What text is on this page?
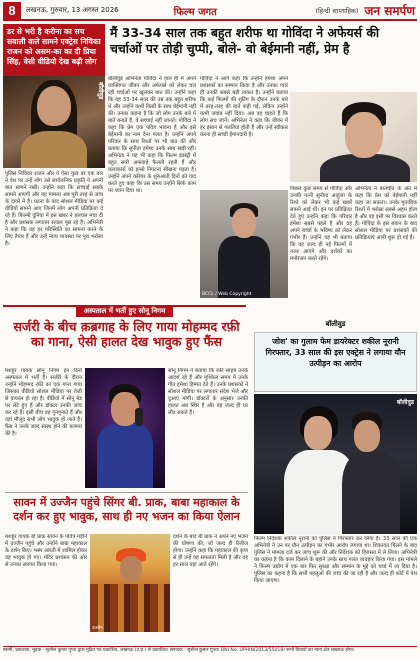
8	लखनऊ, गुरुवार, 13 अगस्त 2026	फिल्म जगत	(हिन्दी साप्ताहिक) जन समर्पण
डर से भरी है करीना का सच सवाली वाले सामने एक्ट्रेस निविका राजन को असम-का का दी प्रिया सिंह, वेसी वीडियो देख बढ़ी लोग
बॉलीवुड
पुलिस निविका राजन और ये ऐसा कुछ डर एक बार ने वेश पर उन्हें लोग उसे सार्वजनिक प्रकृति ने अपनी बात सामने रखी। उन्होंने कहा कि सच्चाई सबके सामने आएगी और यह मामला अब पूरी तरह से जांच के दायरे में है। घटना के बाद सोशल मीडिया पर कई वीडियो सामने आए जिनमें लोग अपनी प्रतिक्रिया दे रहे हैं। फिल्मी दुनिया में इस खबर ने हलचल मचा दी है और प्रशंसक लगातार सवाल पूछ रहे हैं। अभिनेत्री ने कहा कि वह हर परिस्थिति का सामना करने के लिए तैयार हैं और उन्हें न्याय व्यवस्था पर पूरा भरोसा है।
मैं 33-34 साल तक बहुत शरीफ था गोविंदा ने अफेयर्स की चर्चाओं पर तोड़ी चुप्पी, बोले- वो बेईमानी नहीं, प्रेम है
बॉलीवुड अभिनेता गोविंदा ने हाल ही में अपने व्यक्तिगत जीवन और अफेयर्स को लेकर चल रही चर्चाओं पर खुलकर बात की। उन्होंने कहा कि वह 33-34 साल की उम्र तक बहुत शरीफ थे और उन्होंने कभी किसी के साथ बेईमानी नहीं की। उनका कहना है कि जो लोग उनके बारे में बातें बनाते हैं, वे सच्चाई नहीं जानते। गोविंदा ने कहा कि प्रेम एक पवित्र भावना है और इसे बेईमानी का नाम देना गलत है। उन्होंने अपने परिवार के साथ रिश्तों पर भी बात की और बताया कि सुनीता हमेशा उनके साथ खड़ी रहीं। अभिनेता ने यह भी कहा कि फिल्म इंडस्ट्री में बहुत सारी अफवाहें फैलती रहती हैं और कलाकारों को इनसे निपटना सीखना पड़ता है। उन्होंने अपने करियर के शुरुआती दिनों को याद करते हुए कहा कि उस समय उन्होंने सिर्फ काम पर ध्यान दिया था।
गोविंदा ने आगे कहा कि उन्होंने हमेशा अपने प्रशंसकों का सम्मान किया है और उनका प्यार ही उनकी सबसे बड़ी ताकत है। उन्होंने बताया कि कई फिल्मों की शूटिंग के दौरान उनके बारे में तरह-तरह की बातें कही गईं, लेकिन उन्होंने कभी जवाब नहीं दिया। अब वह चाहते हैं कि लोग सच जानें। अभिनेता ने कहा कि जीवन में हर इंसान से गलतियां होती हैं और उन्हें स्वीकार करना ही सच्ची ईमानदारी है।
BCCL / Web Copyright
पिछले कुछ समय से गोविंदा और उनकी पत्नी सुनीता आहूजा के रिश्ते को लेकर भी कई खबरें सामने आई थीं। इन पर प्रतिक्रिया देते हुए उन्होंने कहा कि परिवार हमेशा सबसे पहले है और वह अपने बच्चों के भविष्य को लेकर गंभीर हैं। उन्होंने यह भी बताया कि वह जल्द ही नई फिल्मों में नजर आएंगे और दर्शकों का मनोरंजन करते रहेंगे।
अभिनेता ने बातचीत के अंत में कहा कि प्रेम को बेईमानी नहीं कहा जा सकता। उनके मुताबिक रिश्तों में भरोसा सबसे अहम होता है और वह इसी पर विश्वास करते हैं। गोविंदा के इस बयान के बाद सोशल मीडिया पर प्रशंसकों की प्रतिक्रियाएं आनी शुरू हो गई हैं।
अस्पताल में भर्ती हुए सोनू निगम
सर्जरी के बीच क़ब्रगाह के लिए गाया मोहम्मद रफ़ी का गाना, ऐसी हालत देख भावुक हुए फैंस
मशहूर गायक सोनू निगम इन दिनों अस्पताल में भर्ती हैं। सर्जरी के दौरान उन्होंने मोहम्मद रफ़ी का एक गाना गाया जिसका वीडियो सोशल मीडिया पर तेजी से वायरल हो रहा है। वीडियो में सोनू बेड पर लेटे हुए हैं और डॉक्टर उनकी जांच कर रहे हैं। इसी बीच वह गुनगुनाते हैं और वहां मौजूद सभी लोग भावुक हो जाते हैं। फैंस ने उनके जल्द स्वस्थ होने की कामना की है।
सोनू निगम ने बताया कि रफ़ी साहब उनके आदर्श रहे हैं और मुश्किल समय में उनके गीत हमेशा हिम्मत देते हैं। उनके प्रशंसकों ने सोशल मीडिया पर लगातार संदेश भेजे और दुआएं मांगीं। डॉक्टरों के अनुसार उनकी हालत अब स्थिर है और वह जल्द ही घर लौट सकते हैं।
सावन में उज्जैन पहुंचे सिंगर बी. प्राक, बाबा महाकाल के दर्शन कर हुए भावुक, साथ ही नए भजन का किया ऐलान
मशहूर गायक बी प्राक सावन के पवित्र महीने में उज्जैन पहुंचे और उन्होंने बाबा महाकाल के दर्शन किए। भस्म आरती में शामिल होकर वह भावुक हो गए। मंदिर प्रशासन की ओर से उनका स्वागत किया गया।
उज्जैन
दर्शन के बाद बी प्राक ने अपने नए भजन की घोषणा की, जो जल्द ही रिलीज होगा। उन्होंने कहा कि महाकाल की कृपा से ही उन्हें यह सफलता मिली है और वह हर साल यहां आते रहेंगे।
बॉलीवुड
जोश' का गुलाम फेम डायरेक्टर शकील नूरानी गिरफ्तार, 33 साल की इस एक्ट्रेस ने लगाया यौन उत्पीड़न का आरोप
बॉलीवुड
फिल्म निर्देशक शकील नूरानी को पुलिस ने गिरफ्तार कर लिया है। 33 साल की एक अभिनेत्री ने उन पर यौन उत्पीड़न का गंभीर आरोप लगाया था। शिकायत मिलने के बाद पुलिस ने मामला दर्ज कर जांच शुरू की और निर्देशक को हिरासत में ले लिया। अभिनेत्री का कहना है कि काम दिलाने के बहाने उनके साथ गलत व्यवहार किया गया। इस मामले ने फिल्म उद्योग में एक बार फिर सुरक्षा और सम्मान के मुद्दे को चर्चा में ला दिया है। पुलिस का कहना है कि सभी पहलुओं की जांच की जा रही है और जल्द ही कोर्ट में पेश किया जाएगा।
स्वामी, प्रकाशक, मुद्रक - सुशील कुमार गुप्ता द्वारा मुद्रित एवं प्रकाशित, लखनऊ (उ.प्र.) से प्रकाशित। संपादक : सुशील कुमार गुप्ता। RNI No. UPHIN/2013/55018। सभी विवादों का न्याय क्षेत्र लखनऊ होगा।
